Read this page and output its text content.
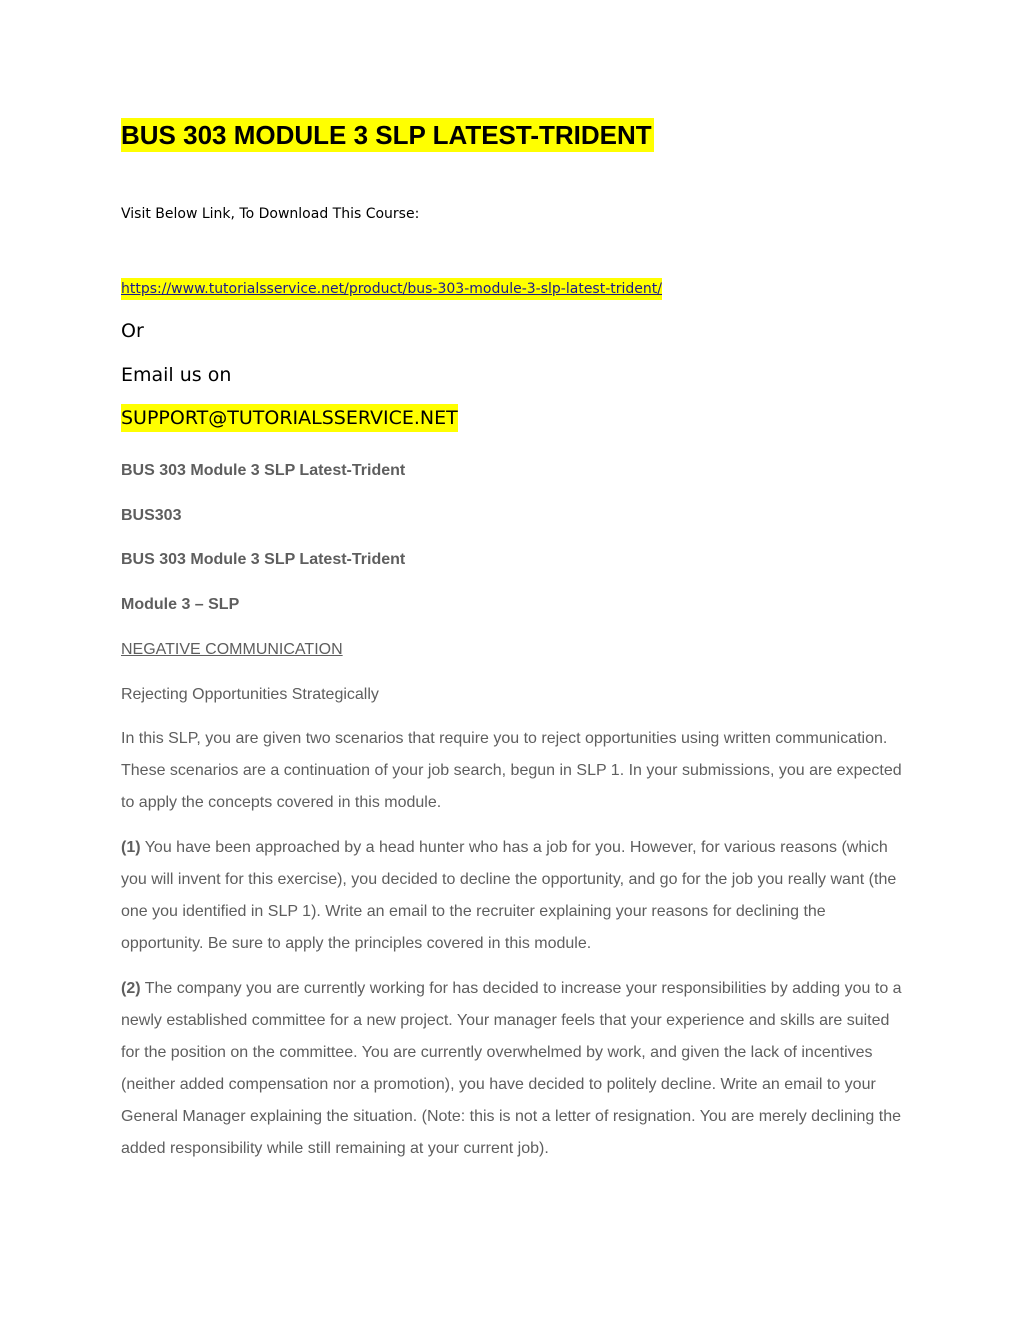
BUS 303 MODULE 3 SLP LATEST-TRIDENT
Visit Below Link, To Download This Course:
https://www.tutorialsservice.net/product/bus-303-module-3-slp-latest-trident/
Or
Email us on
SUPPORT@TUTORIALSSERVICE.NET
BUS 303 Module 3 SLP Latest-Trident
BUS303
BUS 303 Module 3 SLP Latest-Trident
Module 3 – SLP
NEGATIVE COMMUNICATION
Rejecting Opportunities Strategically

In this SLP, you are given two scenarios that require you to reject opportunities using written communication. These scenarios are a continuation of your job search, begun in SLP 1. In your submissions, you are expected to apply the concepts covered in this module.

(1) You have been approached by a head hunter who has a job for you. However, for various reasons (which you will invent for this exercise), you decided to decline the opportunity, and go for the job you really want (the one you identified in SLP 1). Write an email to the recruiter explaining your reasons for declining the opportunity. Be sure to apply the principles covered in this module.

(2) The company you are currently working for has decided to increase your responsibilities by adding you to a newly established committee for a new project. Your manager feels that your experience and skills are suited for the position on the committee. You are currently overwhelmed by work, and given the lack of incentives (neither added compensation nor a promotion), you have decided to politely decline. Write an email to your General Manager explaining the situation. (Note: this is not a letter of resignation. You are merely declining the added responsibility while still remaining at your current job).
